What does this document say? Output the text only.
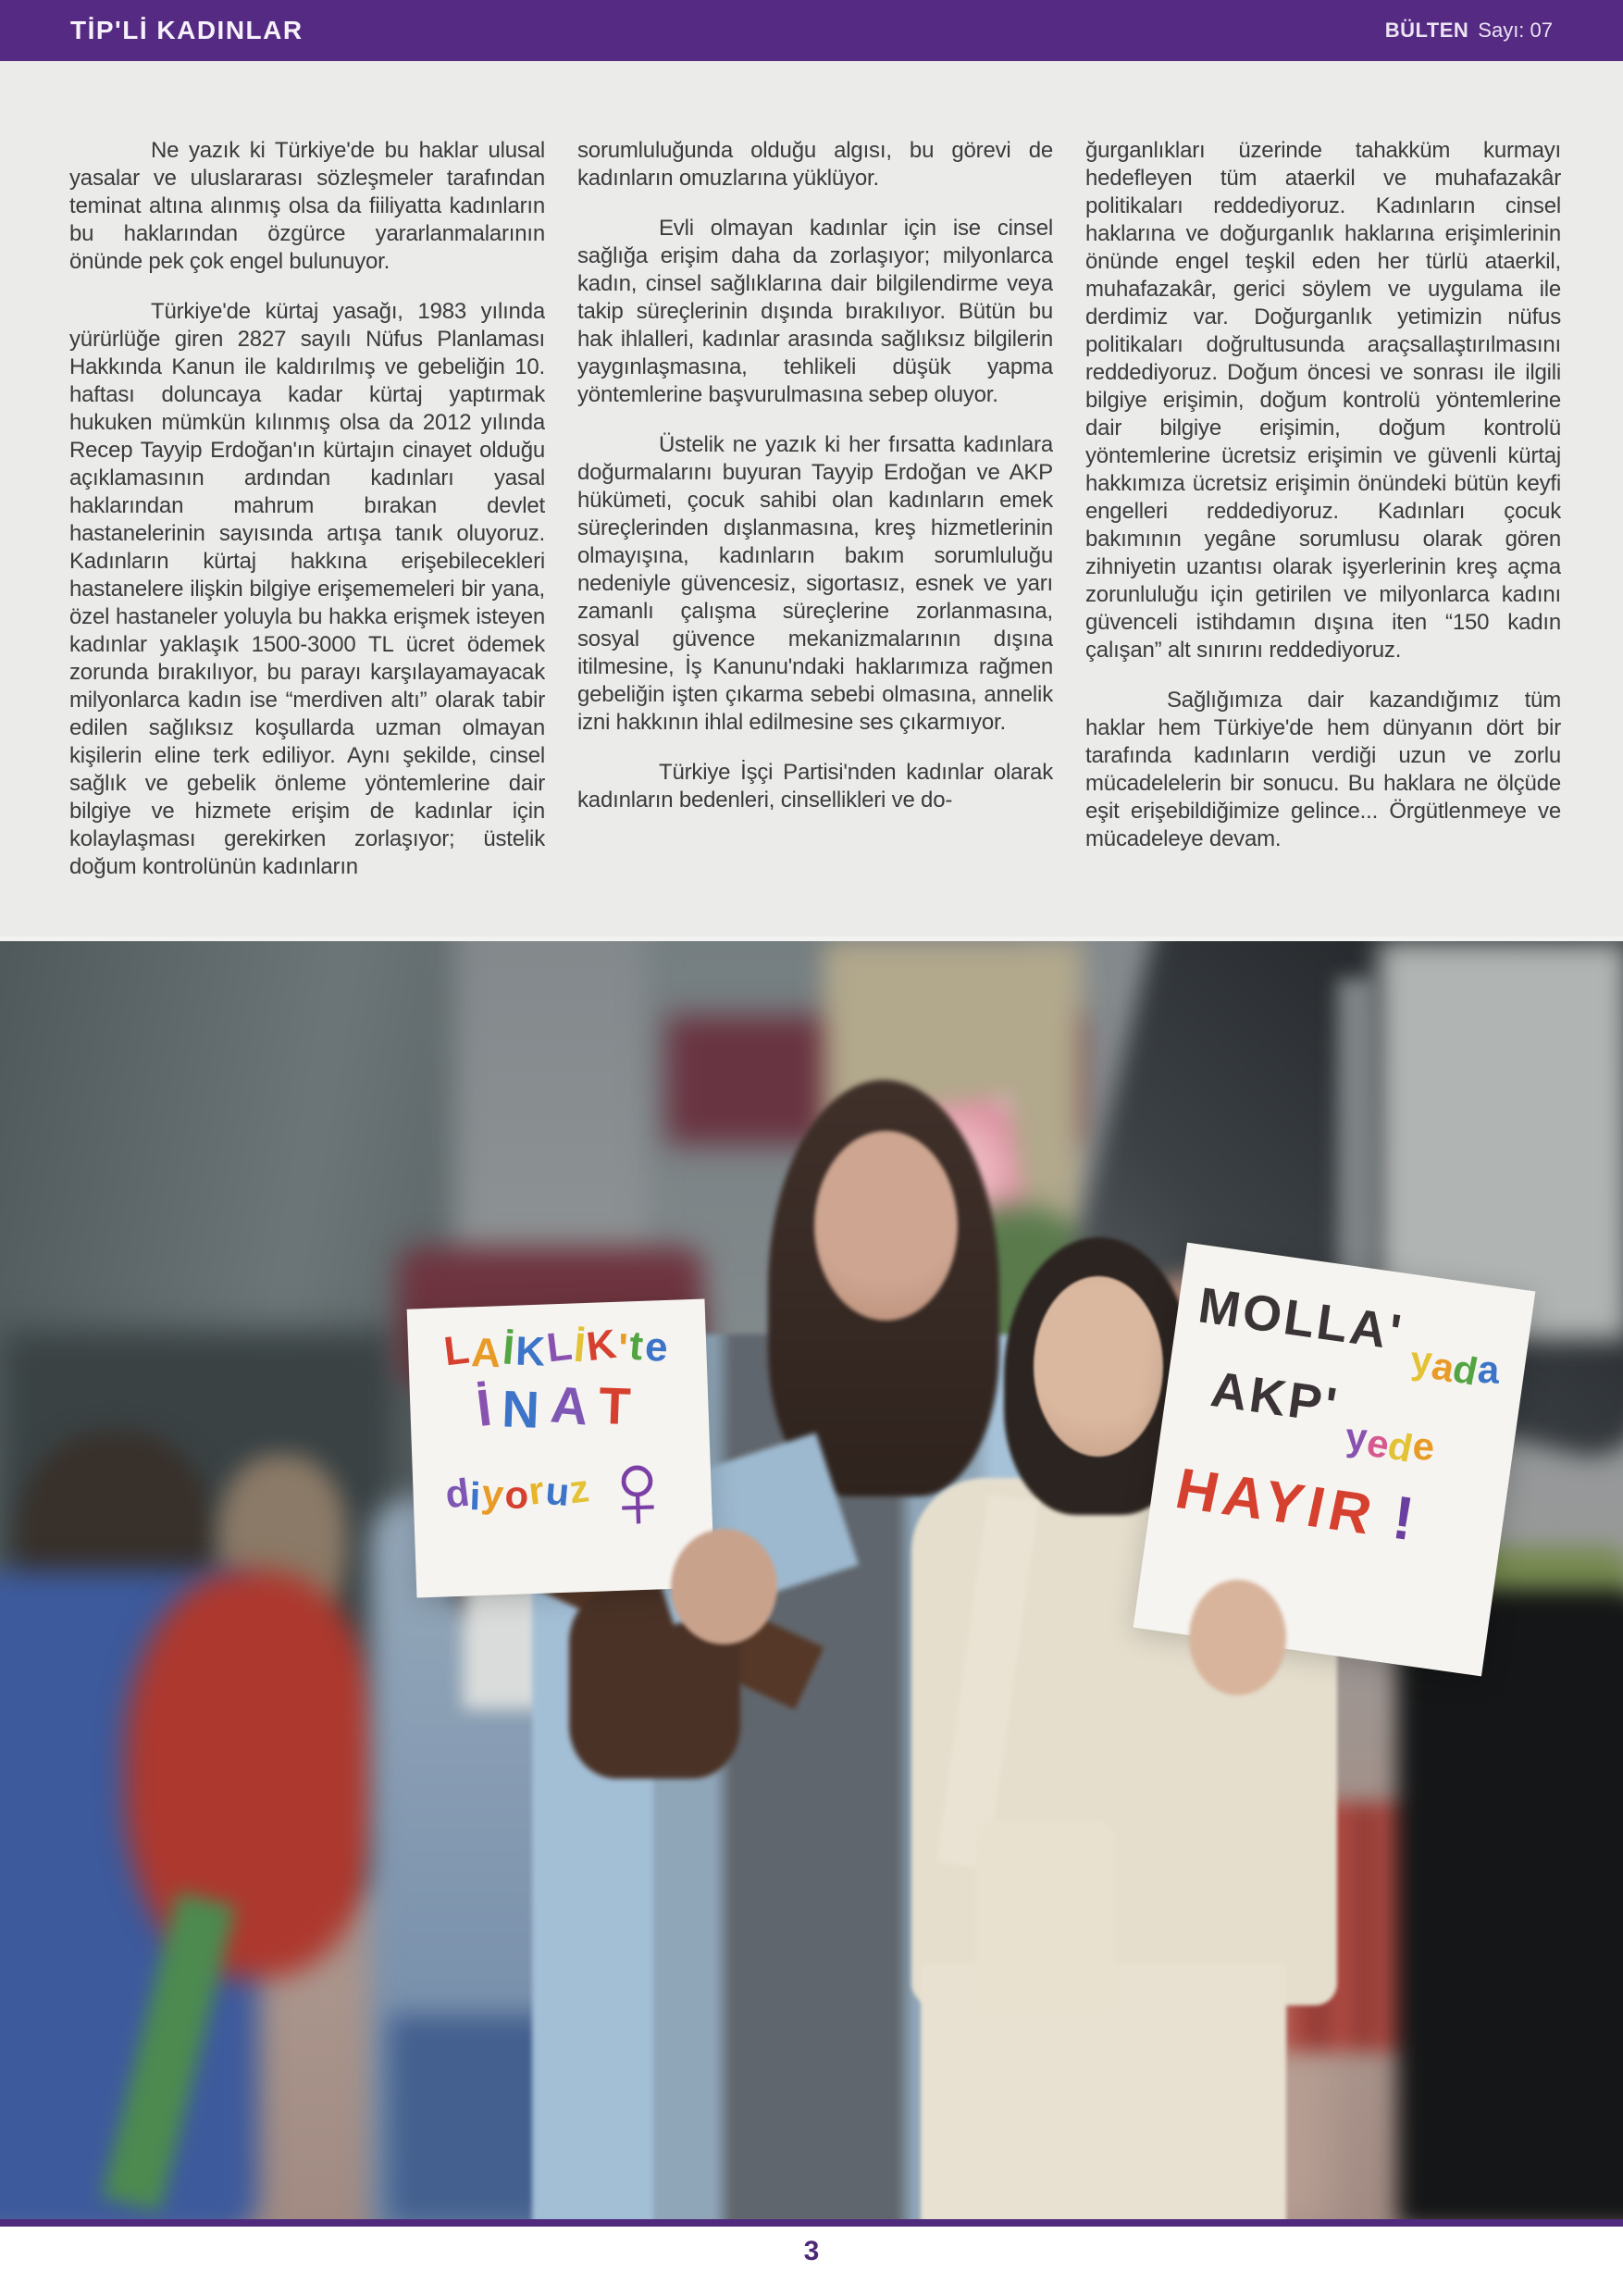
TİP'Lİ KADINLAR	BÜLTEN Sayı: 07

Ne yazık ki Türkiye'de bu haklar ulusal yasalar ve uluslararası sözleşmeler tarafından teminat altına alınmış olsa da fiiliyatta kadınların bu haklarından özgürce yararlanmalarının önünde pek çok engel bulunuyor.

Türkiye'de kürtaj yasağı, 1983 yılında yürürlüğe giren 2827 sayılı Nüfus Planlaması Hakkında Kanun ile kaldırılmış ve gebeliğin 10. haftası doluncaya kadar kürtaj yaptırmak hukuken mümkün kılınmış olsa da 2012 yılında Recep Tayyip Erdoğan'ın kürtajın cinayet olduğu açıklamasının ardından kadınları yasal haklarından mahrum bırakan devlet hastanelerinin sayısında artışa tanık oluyoruz. Kadınların kürtaj hakkına erişebilecekleri hastanelere ilişkin bilgiye erişememeleri bir yana, özel hastaneler yoluyla bu hakka erişmek isteyen kadınlar yaklaşık 1500-3000 TL ücret ödemek zorunda bırakılıyor, bu parayı karşılayamayacak milyonlarca kadın ise “merdiven altı” olarak tabir edilen sağlıksız koşullarda uzman olmayan kişilerin eline terk ediliyor. Aynı şekilde, cinsel sağlık ve gebelik önleme yöntemlerine dair bilgiye ve hizmete erişim de kadınlar için kolaylaşması gerekirken zorlaşıyor; üstelik doğum kontrolünün kadınların

sorumluluğunda olduğu algısı, bu görevi de kadınların omuzlarına yüklüyor.

Evli olmayan kadınlar için ise cinsel sağlığa erişim daha da zorlaşıyor; milyonlarca kadın, cinsel sağlıklarına dair bilgilendirme veya takip süreçlerinin dışında bırakılıyor. Bütün bu hak ihlalleri, kadınlar arasında sağlıksız bilgilerin yaygınlaşmasına, tehlikeli düşük yapma yöntemlerine başvurulmasına sebep oluyor.

Üstelik ne yazık ki her fırsatta kadınlara doğurmalarını buyuran Tayyip Erdoğan ve AKP hükümeti, çocuk sahibi olan kadınların emek süreçlerinden dışlanmasına, kreş hizmetlerinin olmayışına, kadınların bakım sorumluluğu nedeniyle güvencesiz, sigortasız, esnek ve yarı zamanlı çalışma süreçlerine zorlanmasına, sosyal güvence mekanizmalarının dışına itilmesine, İş Kanunu'ndaki haklarımıza rağmen gebeliğin işten çıkarma sebebi olmasına, annelik izni hakkının ihlal edilmesine ses çıkarmıyor.

Türkiye İşçi Partisi'nden kadınlar olarak kadınların bedenleri, cinsellikleri ve do-

ğurganlıkları üzerinde tahakküm kurmayı hedefleyen tüm ataerkil ve muhafazakâr politikaları reddediyoruz. Kadınların cinsel haklarına ve doğurganlık haklarına erişimlerinin önünde engel teşkil eden her türlü ataerkil, muhafazakâr, gerici söylem ve uygulama ile derdimiz var. Doğurganlık yetimizin nüfus politikaları doğrultusunda araçsallaştırılmasını reddediyoruz. Doğum öncesi ve sonrası ile ilgili bilgiye erişimin, doğum kontrolü yöntemlerine dair bilgiye erişimin, doğum kontrolü yöntemlerine ücretsiz erişimin ve güvenli kürtaj hakkımıza ücretsiz erişimin önündeki bütün keyfi engelleri reddediyoruz. Kadınları çocuk bakımının yegâne sorumlusu olarak gören zihniyetin uzantısı olarak işyerlerinin kreş açma zorunluluğu için getirilen ve milyonlarca kadını güvenceli istihdamın dışına iten “150 kadın çalışan” alt sınırını reddediyoruz.

Sağlığımıza dair kazandığımız tüm haklar hem Türkiye'de hem dünyanın dört bir tarafında kadınların verdiği uzun ve zorlu mücadelelerin bir sonucu. Bu haklara ne ölçüde eşit erişebildiğimize gelince... Örgütlenmeye ve mücadeleye devam.

LAİKLİK'te
İNAT
diyoruz ♀
MOLLA' yada
AKP' yede
HAYIR !
3
